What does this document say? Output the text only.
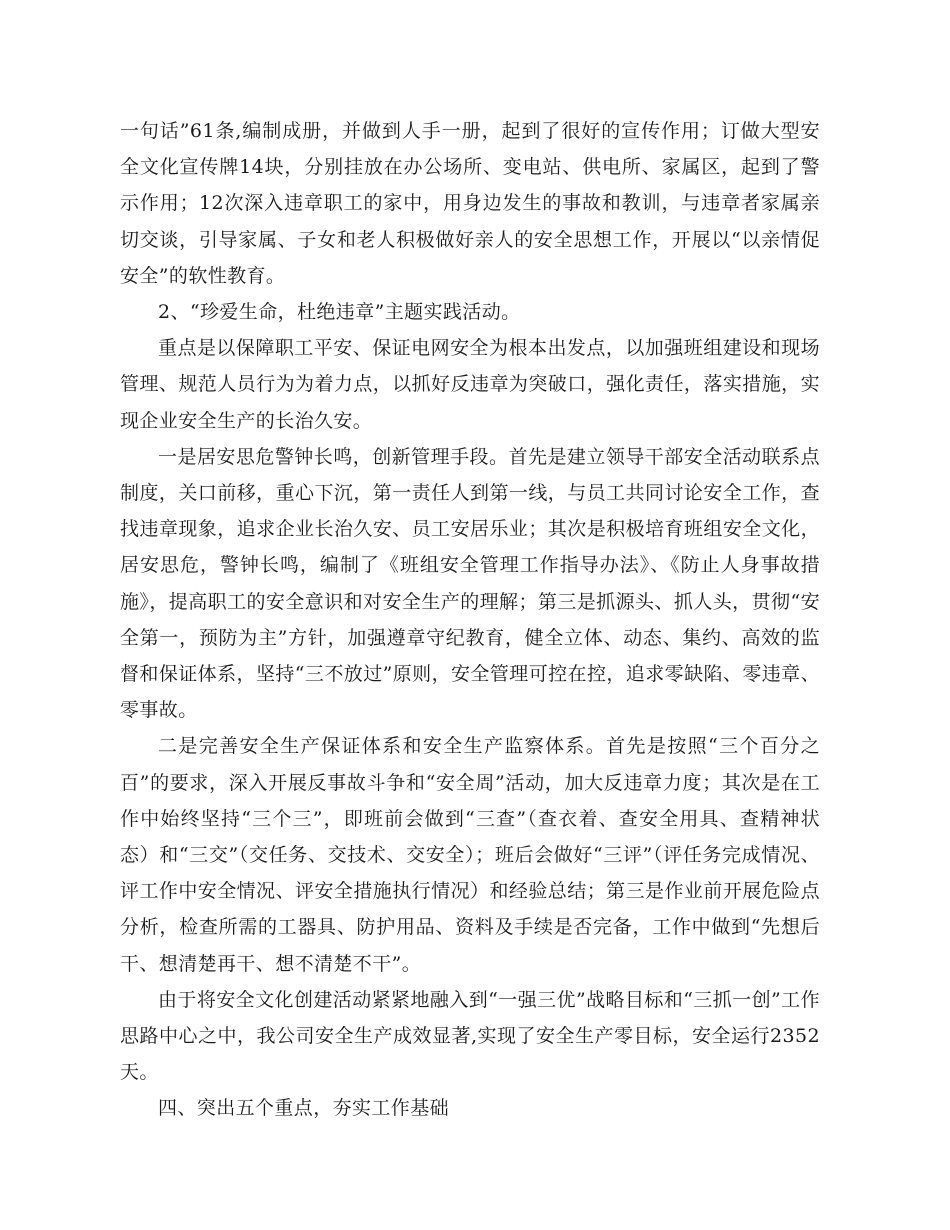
一句话”61条,编制成册，并做到人手一册，起到了很好的宣传作用；订做大型安全文化宣传牌14块，分别挂放在办公场所、变电站、供电所、家属区，起到了警示作用；12次深入违章职工的家中，用身边发生的事故和教训，与违章者家属亲切交谈，引导家属、子女和老人积极做好亲人的安全思想工作，开展以“以亲情促安全”的软性教育。

2、“珍爱生命，杜绝违章”主题实践活动。

重点是以保障职工平安、保证电网安全为根本出发点，以加强班组建设和现场管理、规范人员行为为着力点，以抓好反违章为突破口，强化责任，落实措施，实现企业安全生产的长治久安。

一是居安思危警钟长鸣，创新管理手段。首先是建立领导干部安全活动联系点制度，关口前移，重心下沉，第一责任人到第一线，与员工共同讨论安全工作，查找违章现象，追求企业长治久安、员工安居乐业；其次是积极培育班组安全文化，居安思危，警钟长鸣，编制了《班组安全管理工作指导办法》、《防止人身事故措施》，提高职工的安全意识和对安全生产的理解；第三是抓源头、抓人头，贯彻“安全第一，预防为主”方针，加强遵章守纪教育，健全立体、动态、集约、高效的监督和保证体系，坚持“三不放过”原则，安全管理可控在控，追求零缺陷、零违章、零事故。

二是完善安全生产保证体系和安全生产监察体系。首先是按照“三个百分之百”的要求，深入开展反事故斗争和“安全周”活动，加大反违章力度；其次是在工作中始终坚持“三个三”，即班前会做到“三查”（查衣着、查安全用具、查精神状态）和“三交”（交任务、交技术、交安全）；班后会做好“三评”（评任务完成情况、评工作中安全情况、评安全措施执行情况）和经验总结；第三是作业前开展危险点分析，检查所需的工器具、防护用品、资料及手续是否完备，工作中做到“先想后干、想清楚再干、想不清楚不干”。

由于将安全文化创建活动紧紧地融入到“一强三优”战略目标和“三抓一创”工作思路中心之中，我公司安全生产成效显著,实现了安全生产零目标，安全运行2352天。

四、突出五个重点，夯实工作基础
